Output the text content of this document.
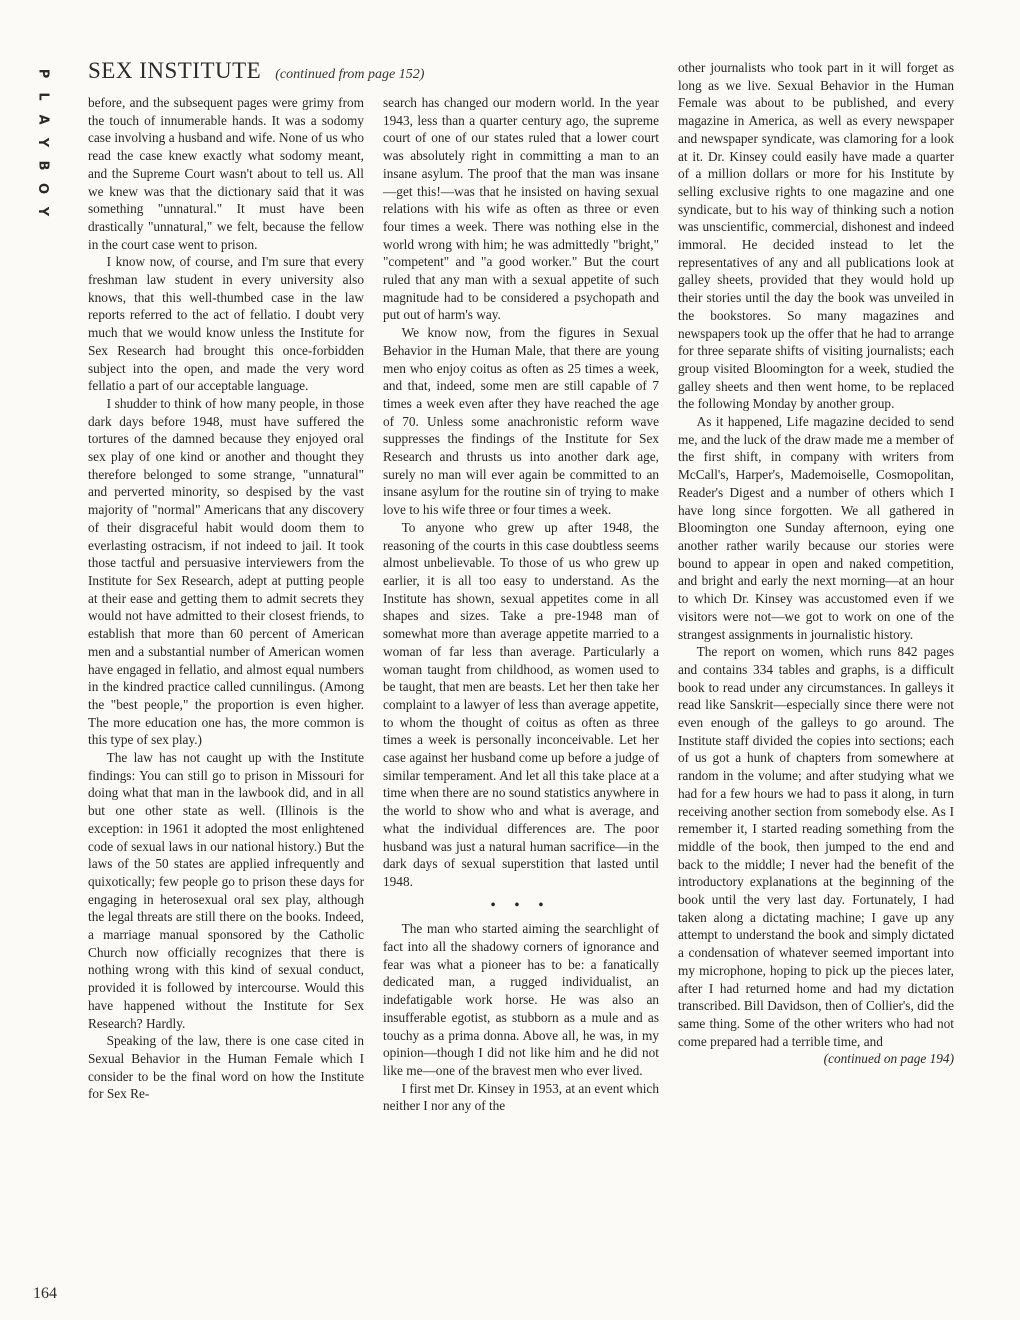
P
L
A
Y
B
O
Y
SEX INSTITUTE (continued from page 152)

before, and the subsequent pages were grimy from the touch of innumerable hands. It was a sodomy case involving a husband and wife. None of us who read the case knew exactly what sodomy meant, and the Supreme Court wasn't about to tell us. All we knew was that the dictionary said that it was something "unnatural." It must have been drastically "unnatural," we felt, because the fellow in the court case went to prison.

I know now, of course, and I'm sure that every freshman law student in every university also knows, that this well-thumbed case in the law reports referred to the act of fellatio. I doubt very much that we would know unless the Institute for Sex Research had brought this once-forbidden subject into the open, and made the very word fellatio a part of our acceptable language.

I shudder to think of how many people, in those dark days before 1948, must have suffered the tortures of the damned because they enjoyed oral sex play of one kind or another and thought they therefore belonged to some strange, "unnatural" and perverted minority, so despised by the vast majority of "normal" Americans that any discovery of their disgraceful habit would doom them to everlasting ostracism, if not indeed to jail. It took those tactful and persuasive interviewers from the Institute for Sex Research, adept at putting people at their ease and getting them to admit secrets they would not have admitted to their closest friends, to establish that more than 60 percent of American men and a substantial number of American women have engaged in fellatio, and almost equal numbers in the kindred practice called cunnilingus. (Among the "best people," the proportion is even higher. The more education one has, the more common is this type of sex play.)

The law has not caught up with the Institute findings: You can still go to prison in Missouri for doing what that man in the lawbook did, and in all but one other state as well. (Illinois is the exception: in 1961 it adopted the most enlightened code of sexual laws in our national history.) But the laws of the 50 states are applied infrequently and quixotically; few people go to prison these days for engaging in heterosexual oral sex play, although the legal threats are still there on the books. Indeed, a marriage manual sponsored by the Catholic Church now officially recognizes that there is nothing wrong with this kind of sexual conduct, provided it is followed by intercourse. Would this have happened without the Institute for Sex Research? Hardly.

Speaking of the law, there is one case cited in Sexual Behavior in the Human Female which I consider to be the final word on how the Institute for Sex Re-

search has changed our modern world. In the year 1943, less than a quarter century ago, the supreme court of one of our states ruled that a lower court was absolutely right in committing a man to an insane asylum. The proof that the man was insane—get this!—was that he insisted on having sexual relations with his wife as often as three or even four times a week. There was nothing else in the world wrong with him; he was admittedly "bright," "competent" and "a good worker." But the court ruled that any man with a sexual appetite of such magnitude had to be considered a psychopath and put out of harm's way.

We know now, from the figures in Sexual Behavior in the Human Male, that there are young men who enjoy coitus as often as 25 times a week, and that, indeed, some men are still capable of 7 times a week even after they have reached the age of 70. Unless some anachronistic reform wave suppresses the findings of the Institute for Sex Research and thrusts us into another dark age, surely no man will ever again be committed to an insane asylum for the routine sin of trying to make love to his wife three or four times a week.

To anyone who grew up after 1948, the reasoning of the courts in this case doubtless seems almost unbelievable. To those of us who grew up earlier, it is all too easy to understand. As the Institute has shown, sexual appetites come in all shapes and sizes. Take a pre-1948 man of somewhat more than average appetite married to a woman of far less than average. Particularly a woman taught from childhood, as women used to be taught, that men are beasts. Let her then take her complaint to a lawyer of less than average appetite, to whom the thought of coitus as often as three times a week is personally inconceivable. Let her case against her husband come up before a judge of similar temperament. And let all this take place at a time when there are no sound statistics anywhere in the world to show who and what is average, and what the individual differences are. The poor husband was just a natural human sacrifice—in the dark days of sexual superstition that lasted until 1948.

• • •

The man who started aiming the searchlight of fact into all the shadowy corners of ignorance and fear was what a pioneer has to be: a fanatically dedicated man, a rugged individualist, an indefatigable work horse. He was also an insufferable egotist, as stubborn as a mule and as touchy as a prima donna. Above all, he was, in my opinion—though I did not like him and he did not like me—one of the bravest men who ever lived.

I first met Dr. Kinsey in 1953, at an event which neither I nor any of the

other journalists who took part in it will forget as long as we live. Sexual Behavior in the Human Female was about to be published, and every magazine in America, as well as every newspaper and newspaper syndicate, was clamoring for a look at it. Dr. Kinsey could easily have made a quarter of a million dollars or more for his Institute by selling exclusive rights to one magazine and one syndicate, but to his way of thinking such a notion was unscientific, commercial, dishonest and indeed immoral. He decided instead to let the representatives of any and all publications look at galley sheets, provided that they would hold up their stories until the day the book was unveiled in the bookstores. So many magazines and newspapers took up the offer that he had to arrange for three separate shifts of visiting journalists; each group visited Bloomington for a week, studied the galley sheets and then went home, to be replaced the following Monday by another group.

As it happened, Life magazine decided to send me, and the luck of the draw made me a member of the first shift, in company with writers from McCall's, Harper's, Mademoiselle, Cosmopolitan, Reader's Digest and a number of others which I have long since forgotten. We all gathered in Bloomington one Sunday afternoon, eying one another rather warily because our stories were bound to appear in open and naked competition, and bright and early the next morning—at an hour to which Dr. Kinsey was accustomed even if we visitors were not—we got to work on one of the strangest assignments in journalistic history.

The report on women, which runs 842 pages and contains 334 tables and graphs, is a difficult book to read under any circumstances. In galleys it read like Sanskrit—especially since there were not even enough of the galleys to go around. The Institute staff divided the copies into sections; each of us got a hunk of chapters from somewhere at random in the volume; and after studying what we had for a few hours we had to pass it along, in turn receiving another section from somebody else. As I remember it, I started reading something from the middle of the book, then jumped to the end and back to the middle; I never had the benefit of the introductory explanations at the beginning of the book until the very last day. Fortunately, I had taken along a dictating machine; I gave up any attempt to understand the book and simply dictated a condensation of whatever seemed important into my microphone, hoping to pick up the pieces later, after I had returned home and had my dictation transcribed. Bill Davidson, then of Collier's, did the same thing. Some of the other writers who had not come prepared had a terrible time, and

(continued on page 194)
164
